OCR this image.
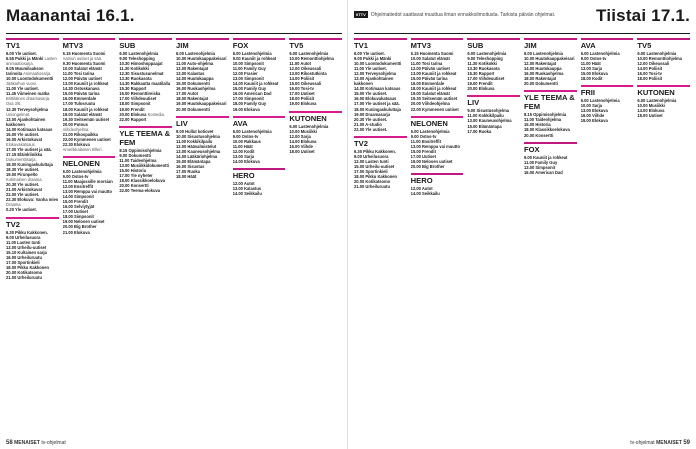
Maanantai 16.1.
TV1
6.00 Yle uutiset.
6.55 Pukki ja Mänki Lasten animaatiosarja.
9.05 Muumilaakson tarinoita Animaatiosarja.
10.00 Luontodokumentti Jääkarhun vuosi.
11.00 Yle uutiset.
11.45 Viimeinen matka Brittiläinen draamasarja. Osa 3/6.
12.30 Terveysohjelma Uniongelmat.
13.00 Ajankohtainen kakkonen
14.00 Kotimaan katsaus
15.00 Yle uutiset.
16.00 Arkistokuvat Elokuvakatsaus.
17.00 Yle uutiset ja sää.
17.15 Eläinklinikka Dokumenttisarja.
18.00 Kuningaskuluttaja
18.30 Yle uutiset.
19.00 Pirunpelto Kotimainen draama.
20.30 Yle uutiset.
21.00 Arkistokuvat
22.00 Yle uutiset.
22.30 Elokuva: Vanha mies Draama.
0.20 Yle uutiset.
TV2
6.30 Pikku Kakkonen.
9.00 Urheilusuora
11.00 Lasten tunti
13.00 Urheilu-uutiset
15.10 Kultainen sarja
16.00 Urheiluruutu
17.00 Sportinkieli
18.00 Pikku Kakkonen
20.00 Kotikatsomo
21.00 Urheiluruutu
MTV3
6.15 Huomenta Suomi Aamun uutiset ja sää.
9.30 Huomenta Suomi
10.00 Salatut elämät
11.00 Tosi tarina
12.00 Päivän uutiset
13.00 Kauniit ja rohkeat
14.30 Ostoskanava
15.00 Päivän tarina
16.00 Emmerdale
17.00 Tulosruutu
18.00 Kauniit ja rohkeat
19.00 Salatut elämät
19.30 Seitsemän uutiset
20.00 Putous Viihdeohjelma.
21.00 Rikospaikka
22.00 Kymmenen uutiset
22.30 Elokuva Amerikkalainen trilleri.
NELONEN
6.00 Lastenohjelmia
9.00 Ostos-tv
11.00 Maajussille morsian
12.00 Ensitreffit
13.00 Remppa vai muutto
14.00 Simpsonit
15.00 Frendit
16.00 Selviytyjät
17.00 Uutiset
18.00 Simpsonit
19.00 Nelosen uutiset
20.00 Big Brother
21.00 Elokuva
SUB
6.00 Lastenohjelmia
9.00 Teleshopping
10.30 Himoshoppaajat
11.30 Kotikokki
12.30 Sisustusunelmat
13.30 Ruokasota
14.30 Rakkautta maatilalla
15.30 Rapport
16.00 Remonttireiska
17.00 Viihdeuutiset
18.00 Simpsonit
19.00 Frendit
20.00 Elokuva Komedia.
22.00 Rapport
YLE TEEMA & FEM
8.15 Oppimisohjelmia
9.00 Dokumentti
11.00 Taideohjelma
13.00 Musiikkidokumentti
15.00 Historia
17.00 Yle nyheter
18.00 Klassikkoelokuva
20.00 Konsertti
22.00 Teema-elokuva
JIM
6.00 Lastenohjelmia
10.00 Huutokauppakeisari
11.00 Auto-ohjelma
12.00 Rakentajat
13.00 Kalastus
14.00 Huutokauppa
15.00 Dokumentti
16.00 Ruokaohjelma
17.00 Autot
18.00 Rakentajat
19.00 Huutokauppakeisari
20.00 Dokumentti
LIV
9.00 Hullut kotiovet
10.00 Sisustusohjelma
11.00 Kokkikilpailu
12.00 Häävalmistelut
13.00 Kauneusohjelma
14.00 Lääkäriohjelma
15.00 Elämäntapa
16.00 Sisustus
17.00 Ruoka
18.00 Häät
FOX
6.00 Lastenohjelmia
9.00 Kauniit ja rohkeat
10.00 Simpsonit
11.00 Family Guy
12.00 Frasier
13.00 Simpsonit
14.00 Kauniit ja rohkeat
15.00 Family Guy
16.00 American Dad
17.00 Simpsonit
18.00 Family Guy
19.00 Elokuva
AVA
6.00 Lastenohjelmia
9.00 Ostos-tv
10.00 Rakkaus
11.00 Häät
12.00 Kodit
13.00 Sarja
14.00 Elokuva
HERO
12.00 Autot
13.00 Kalastus
14.00 Seikkailu
TV5
6.00 Lastenohjelmia
10.00 Remonttiohjelma
11.00 Autot
12.00 Oikeussali
13.00 Rikostutkinta
14.00 Poliisit
15.00 Oikeussali
16.00 Tosi-tv
17.00 Uutiset
18.00 Poliisit
19.00 Elokuva
KUTONEN
6.00 Lastenohjelmia
10.00 Musiikki
12.00 Sarja
14.00 Elokuva
16.00 Viihde
18.00 Uutiset
58 MENAISET tv-ohjelmat
IITTV Ohjelmatiedot saattavat muuttua ilman ennakkoilmoitusta. Tarkista päivän ohjelmat. Tiistai 17.1.
TV1
6.00 Yle uutiset.
9.00 Pukki ja Mänki
10.00 Luontodokumentti
11.00 Yle uutiset.
12.00 Terveysohjelma
13.00 Ajankohtainen kakkonen
14.00 Kotimaan katsaus
15.00 Yle uutiset.
16.00 Elokuvakatsaus
17.00 Yle uutiset ja sää.
18.00 Kuningaskuluttaja
19.00 Draamasarja
20.30 Yle uutiset.
21.00 A-studio
22.00 Yle uutiset.
TV2
6.30 Pikku Kakkonen.
9.00 Urheilusuora
12.00 Lasten tunti
15.00 Urheilu-uutiset
17.00 Sportinkieli
18.00 Pikku Kakkonen
20.00 Kotikatsomo
21.00 Urheiluruutu
MTV3
6.15 Huomenta Suomi
10.00 Salatut elämät
11.00 Tosi tarina
12.00 Päivän uutiset
13.00 Kauniit ja rohkeat
15.00 Päivän tarina
16.00 Emmerdale
18.00 Kauniit ja rohkeat
19.00 Salatut elämät
19.30 Seitsemän uutiset
20.00 Viihdeohjelma
22.00 Kymmenen uutiset
NELONEN
6.00 Lastenohjelmia
9.00 Ostos-tv
11.00 Ensitreffit
13.00 Remppa vai muutto
15.00 Frendit
17.00 Uutiset
19.00 Nelosen uutiset
20.00 Big Brother
HERO
12.00 Autot
14.00 Seikkailu
SUB
6.00 Lastenohjelmia
9.00 Teleshopping
11.30 Kotikokki
13.30 Ruokasota
15.30 Rapport
17.00 Viihdeuutiset
19.00 Frendit
20.00 Elokuva
LIV
9.00 Sisustusohjelma
11.00 Kokkikilpailu
13.00 Kauneusohjelma
15.00 Elämäntapa
17.00 Ruoka
JIM
6.00 Lastenohjelmia
10.00 Huutokauppakeisari
12.00 Rakentajat
14.00 Huutokauppa
16.00 Ruokaohjelma
18.00 Rakentajat
20.00 Dokumentti
YLE TEEMA & FEM
8.15 Oppimisohjelmia
11.00 Taideohjelma
15.00 Historia
18.00 Klassikkoelokuva
20.00 Konsertti
FOX
9.00 Kauniit ja rohkeat
11.00 Family Guy
13.00 Simpsonit
16.00 American Dad
AVA
6.00 Lastenohjelmia
9.00 Ostos-tv
11.00 Häät
13.00 Sarja
15.00 Elokuva
18.00 Kodit
FRII
6.00 Lastenohjelmia
10.00 Sarja
13.00 Elokuva
16.00 Viihde
19.00 Elokuva
TV5
6.00 Lastenohjelmia
10.00 Remonttiohjelma
12.00 Oikeussali
14.00 Poliisit
16.00 Tosi-tv
18.00 Poliisit
KUTONEN
6.00 Lastenohjelmia
10.00 Musiikki
14.00 Elokuva
18.00 Uutiset
tv-ohjelmat MENAISET 59
